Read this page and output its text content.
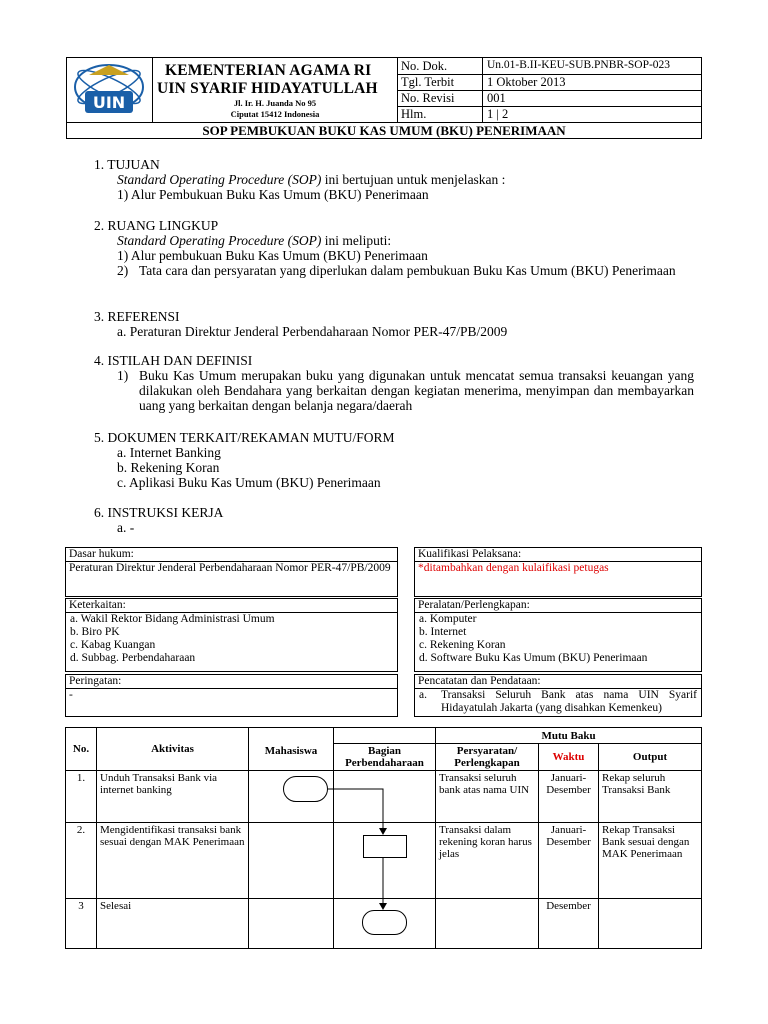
UIN
KEMENTERIAN AGAMA RI
UIN SYARIF HIDAYATULLAH
Jl. Ir. H. Juanda No 95
Ciputat 15412 Indonesia
No. Dok.	Un.01-B.II-KEU-SUB.PNBR-SOP-023
Tgl. Terbit	1 Oktober 2013
No. Revisi	001
Hlm.	1 | 2
SOP PEMBUKUAN BUKU KAS UMUM (BKU) PENERIMAAN
1. TUJUAN
Standard Operating Procedure (SOP) ini bertujuan untuk menjelaskan :
1) Alur Pembukuan Buku Kas Umum (BKU) Penerimaan
2. RUANG LINGKUP
Standard Operating Procedure (SOP) ini meliputi:
1) Alur pembukuan Buku Kas Umum (BKU) Penerimaan
2) Tata cara dan persyaratan yang diperlukan dalam pembukuan Buku Kas Umum (BKU) Penerimaan
3. REFERENSI
a. Peraturan Direktur Jenderal Perbendaharaan Nomor PER-47/PB/2009
4. ISTILAH DAN DEFINISI
1) Buku Kas Umum merupakan buku yang digunakan untuk mencatat semua transaksi keuangan yang dilakukan oleh Bendahara yang berkaitan dengan kegiatan menerima, menyimpan dan membayarkan uang yang berkaitan dengan belanja negara/daerah
5. DOKUMEN TERKAIT/REKAMAN MUTU/FORM
a. Internet Banking
b. Rekening Koran
c. Aplikasi Buku Kas Umum (BKU) Penerimaan
6. INSTRUKSI KERJA
a. -
Dasar hukum:
Peraturan Direktur Jenderal Perbendaharaan Nomor PER-47/PB/2009
Keterkaitan:
a. Wakil Rektor Bidang Administrasi Umum
b. Biro PK
c. Kabag Kuangan
d. Subbag. Perbendaharaan
Peringatan:
-
Kualifikasi Pelaksana:
*ditambahkan dengan kulaifikasi petugas
Peralatan/Perlengkapan:
a. Komputer
b. Internet
c. Rekening Koran
d. Software Buku Kas Umum (BKU) Penerimaan
Pencatatan dan Pendataan:
a.	Transaksi Seluruh Bank atas nama UIN Syarif Hidayatulah Jakarta (yang disahkan Kemenkeu)
No.	Aktivitas			Mutu Baku		
		Mahasiswa	Bagian Perbendaharaan	Persyaratan/ Perlengkapan	Waktu	Output
1.	Unduh Transaksi Bank via internet banking			Transaksi seluruh bank atas nama UIN	Januari-Desember	Rekap seluruh Transaksi Bank
2.	Mengidentifikasi transaksi bank sesuai dengan MAK Penerimaan			Transaksi dalam rekening koran harus jelas	Januari-Desember	Rekap Transaksi Bank sesuai dengan MAK Penerimaan
3	Selesai				Desember	
